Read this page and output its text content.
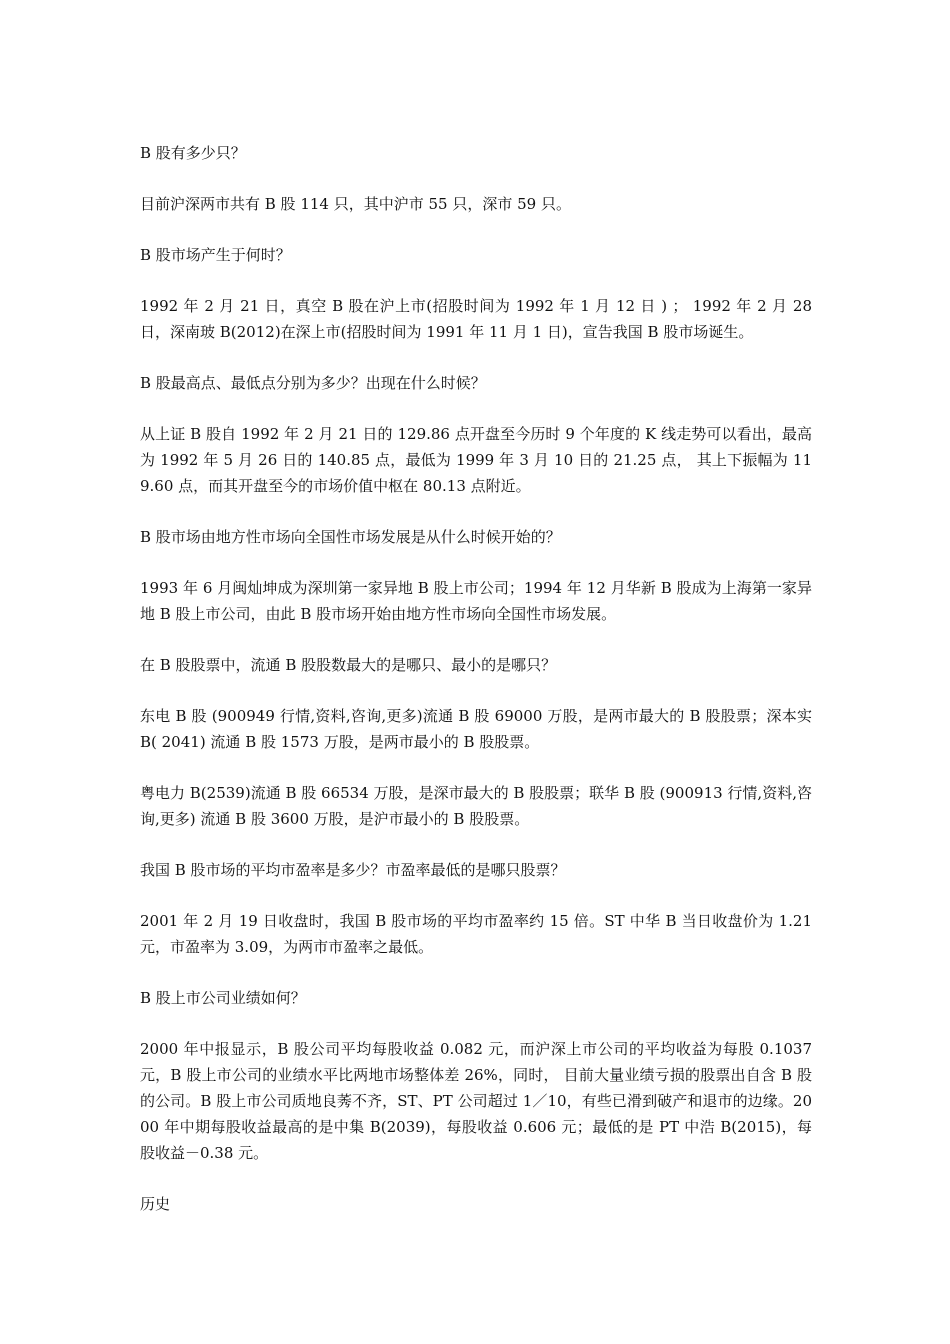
B 股有多少只？

目前沪深两市共有 B 股 114 只，其中沪市 55 只，深市 59 只。

B 股市场产生于何时？

1992 年 2 月 21 日，真空 B 股在沪上市(招股时间为 1992 年 1 月 12 日 ) ； 1992 年 2 月 28 日，深南玻 B(2012)在深上市(招股时间为 1991 年 11 月 1 日)，宣告我国 B 股市场诞生。

B 股最高点、最低点分别为多少？出现在什么时候？

从上证 B 股自 1992 年 2 月 21 日的 129.86 点开盘至今历时 9 个年度的 K 线走势可以看出，最高为 1992 年 5 月 26 日的 140.85 点，最低为 1999 年 3 月 10 日的 21.25 点， 其上下振幅为 119.60 点，而其开盘至今的市场价值中枢在 80.13 点附近。

B 股市场由地方性市场向全国性市场发展是从什么时候开始的？

1993 年 6 月闽灿坤成为深圳第一家异地 B 股上市公司；1994 年 12 月华新 B 股成为上海第一家异地 B 股上市公司，由此 B 股市场开始由地方性市场向全国性市场发展。

在 B 股股票中，流通 B 股股数最大的是哪只、最小的是哪只？

东电 B 股 (900949 行情,资料,咨询,更多)流通 B 股 69000 万股，是两市最大的 B 股股票；深本实 B( 2041) 流通 B 股 1573 万股，是两市最小的 B 股股票。

粤电力 B(2539)流通 B 股 66534 万股，是深市最大的 B 股股票；联华 B 股 (900913 行情,资料,咨询,更多) 流通 B 股 3600 万股，是沪市最小的 B 股股票。

我国 B 股市场的平均市盈率是多少？市盈率最低的是哪只股票？

2001 年 2 月 19 日收盘时，我国 B 股市场的平均市盈率约 15 倍。ST 中华 B 当日收盘价为 1.21 元，市盈率为 3.09，为两市市盈率之最低。

B 股上市公司业绩如何？

2000 年中报显示，B 股公司平均每股收益 0.082 元，而沪深上市公司的平均收益为每股 0.1037 元，B 股上市公司的业绩水平比两地市场整体差 26%，同时， 目前大量业绩亏损的股票出自含 B 股的公司。B 股上市公司质地良莠不齐，ST、PT 公司超过 1／10，有些已滑到破产和退市的边缘。2000 年中期每股收益最高的是中集 B(2039)，每股收益 0.606 元；最低的是 PT 中浩 B(2015)，每 股收益－0.38 元。

历史
